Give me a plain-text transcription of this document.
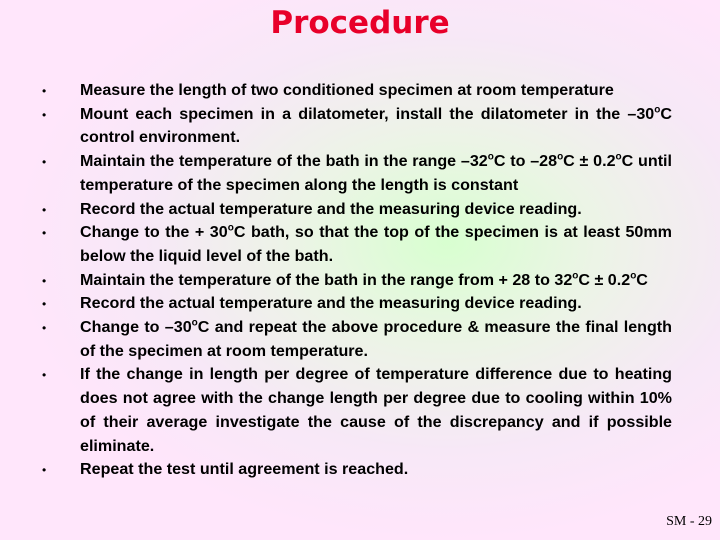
Procedure
• Measure the length of two conditioned specimen at room temperature
• Mount each specimen in a dilatometer, install the dilatometer in the –30$^o$C control environment.
• Maintain the temperature of the bath in the range –32$^o$C to $-28^oC \pm 0.2^oC$ until temperature of the specimen along the length is constant
• Record the actual temperature and the measuring device reading.
• Change to the + $30^oC$ bath, so that the top of the specimen is at least 50mm below the liquid level of the bath.
• Maintain the temperature of the bath in the range from + 28 to $32^oC \pm 0.2^oC$
• Record the actual temperature and the measuring device reading.
• Change to –30$^o$C and repeat the above procedure & measure the final length of the specimen at room temperature.
• If the change in length per degree of temperature difference due to heating does not agree with the change length per degree due to cooling within 10% of their average investigate the cause of the discrepancy and if possible eliminate.
• Repeat the test until agreement is reached.
SM - 29
